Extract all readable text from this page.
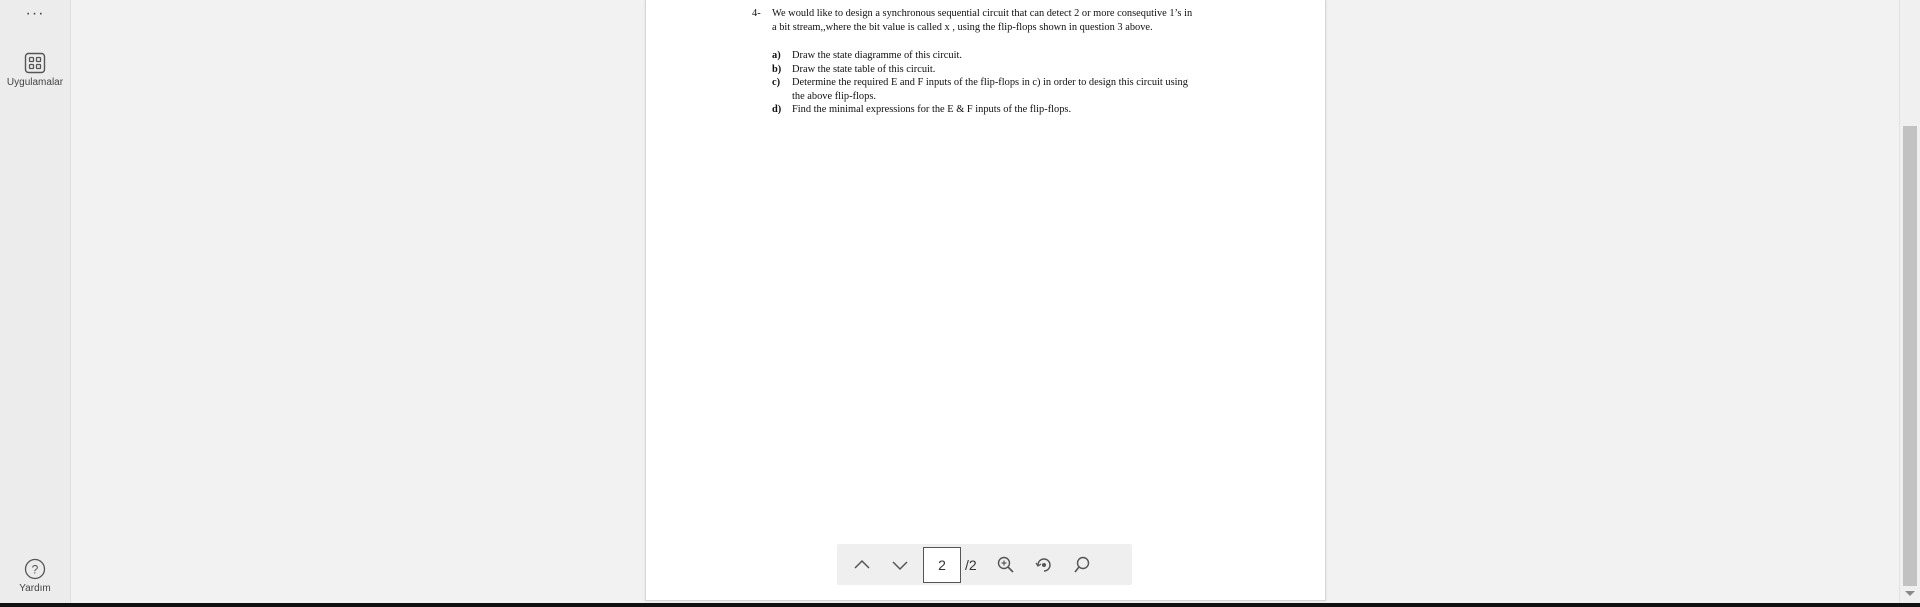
···
Uygulamalar
?
Yardım
4- We would like to design a synchronous sequential circuit that can detect 2 or more consequtive 1’s in
a bit stream,,where the bit value is called x , using the flip-flops shown in question 3 above.
a) Draw the state diagramme of this circuit.
b) Draw the state table of this circuit.
c) Determine the required E and F inputs of the flip-flops in c) in order to design this circuit using
the above flip-flops.
d) Find the minimal expressions for the E & F inputs of the flip-flops.
2
/2
